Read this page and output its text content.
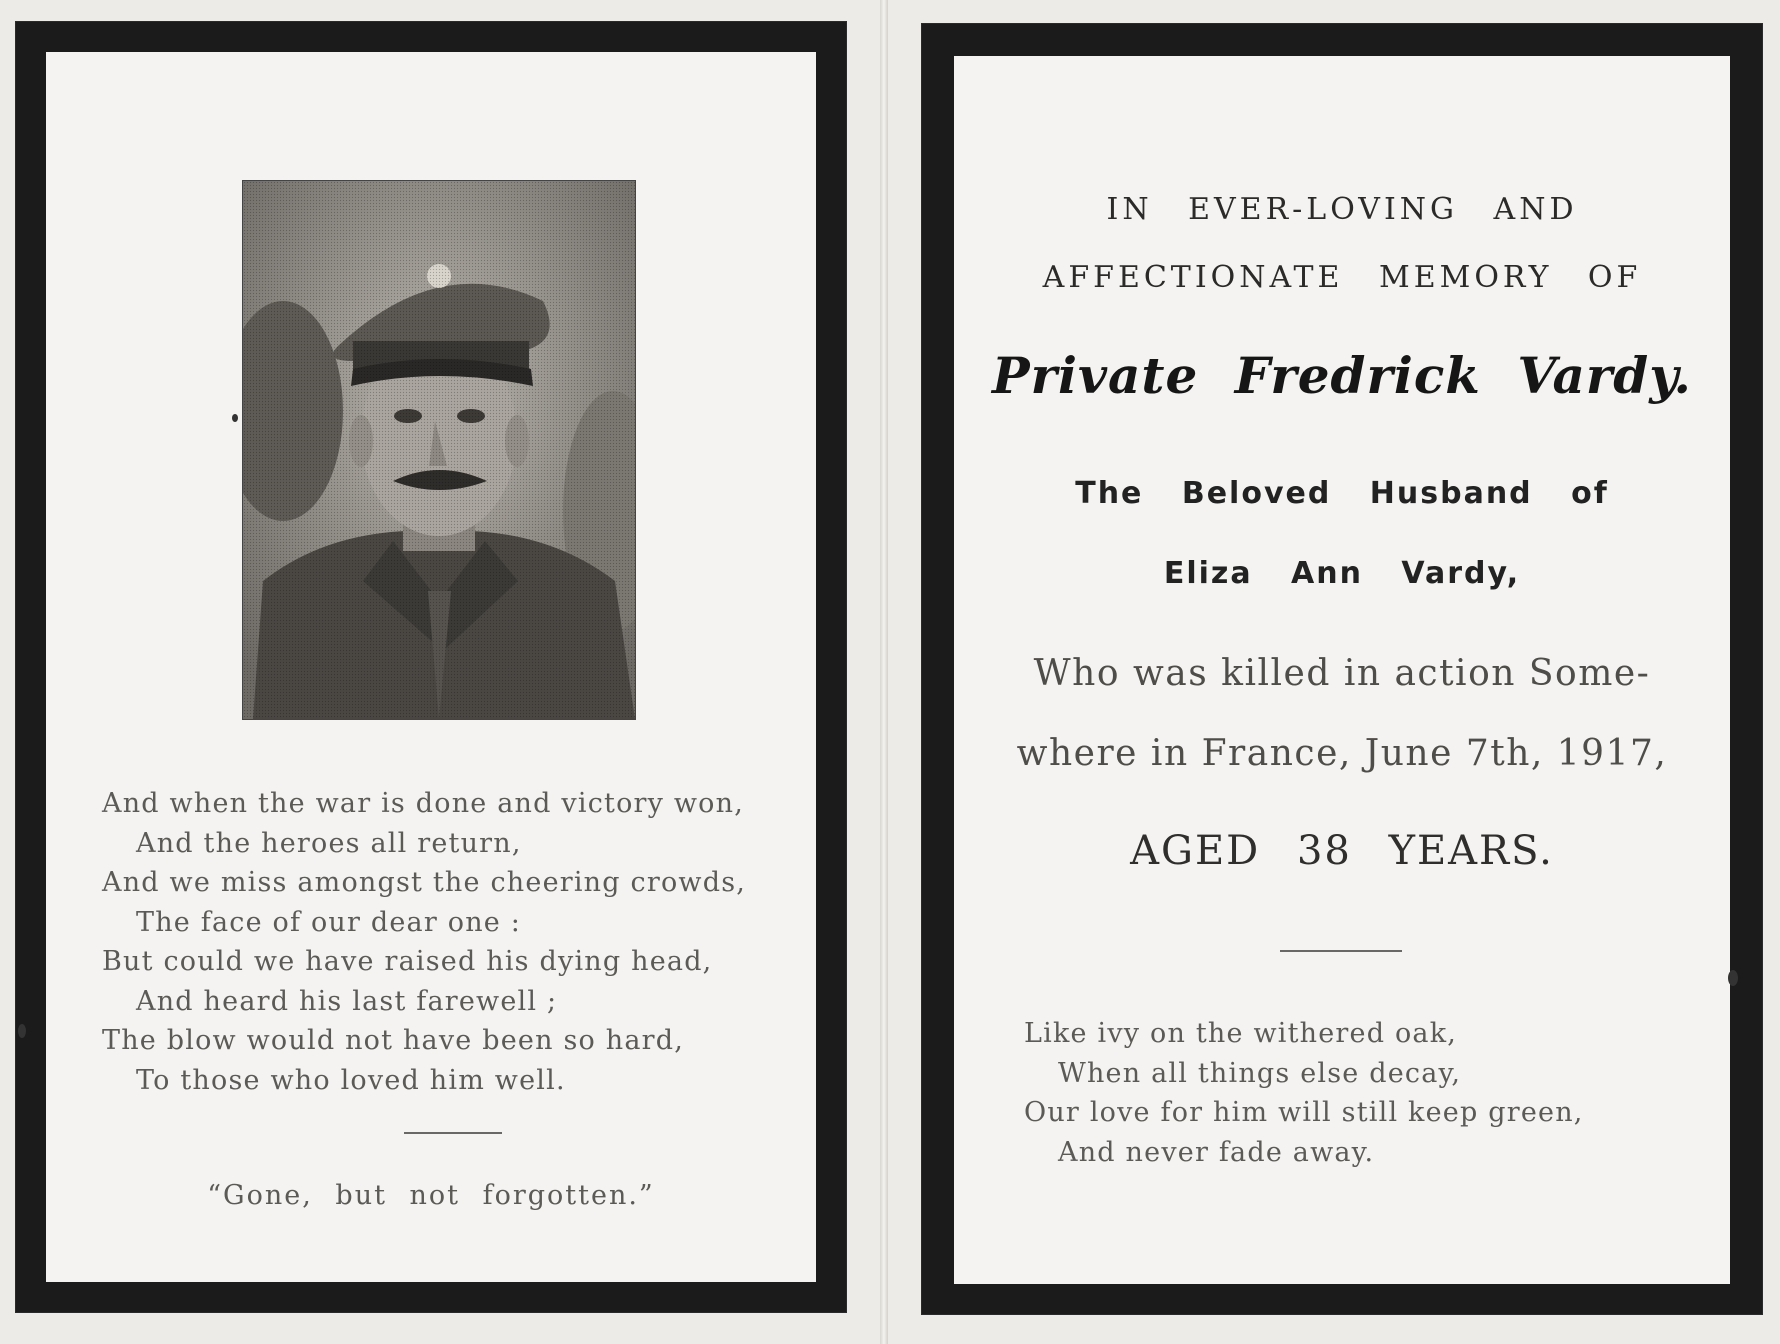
And when the war is done and victory won,
And the heroes all return,
And we miss amongst the cheering crowds,
The face of our dear one :
But could we have raised his dying head,
And heard his last farewell ;
The blow would not have been so hard,
To those who loved him well.
“Gone, but not forgotten.”
IN EVER-LOVING AND
AFFECTIONATE MEMORY OF
Private Fredrick Vardy.
The Beloved Husband of
Eliza Ann Vardy,
Who was killed in action Some-
where in France, June 7th, 1917,
AGED 38 YEARS.
Like ivy on the withered oak,
When all things else decay,
Our love for him will still keep green,
And never fade away.
